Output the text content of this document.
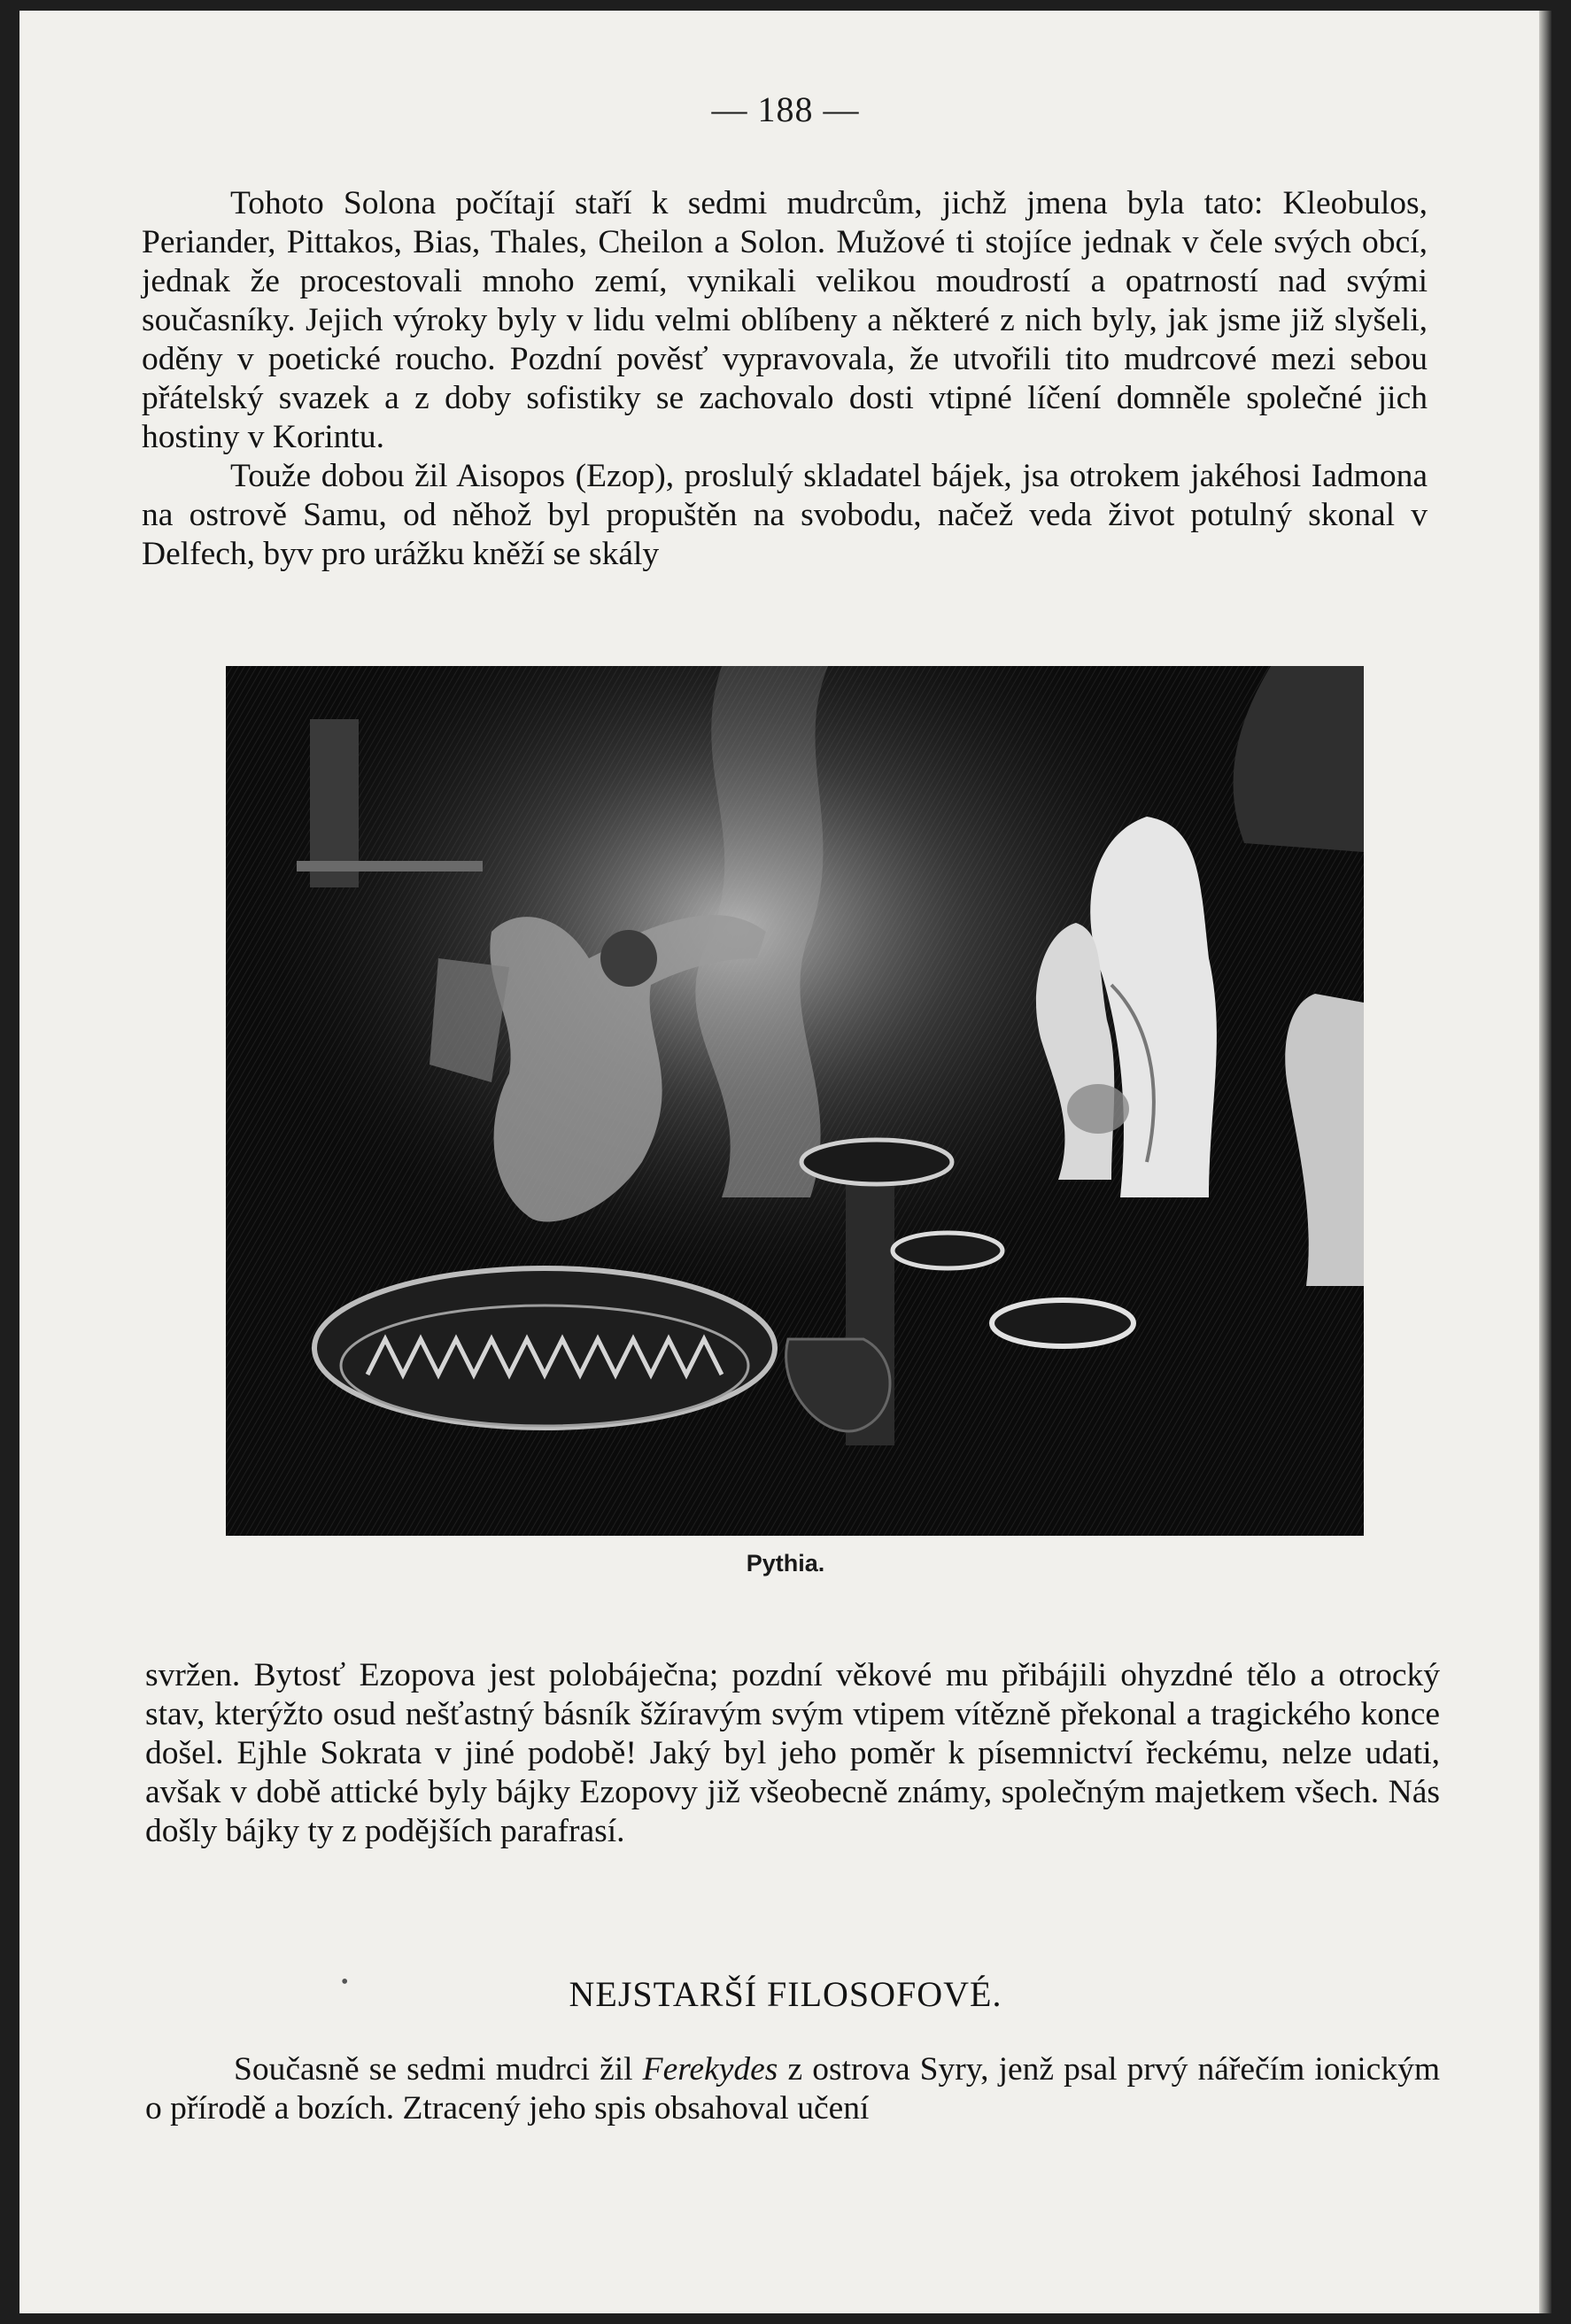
— 188 —

Tohoto Solona počítají staří k sedmi mudrcům, jichž jmena byla tato: Kleobulos, Periander, Pittakos, Bias, Thales, Cheilon a Solon. Mužové ti stojíce jednak v čele svých obcí, jednak že procestovali mnoho zemí, vynikali velikou moudrostí a opatrností nad svými současníky. Jejich výroky byly v lidu velmi oblíbeny a některé z nich byly, jak jsme již slyšeli, oděny v poetické roucho. Pozdní pověsť vypravovala, že utvořili tito mudrcové mezi sebou přátelský svazek a z doby sofistiky se zachovalo dosti vtipné líčení domněle společné jich hostiny v Korintu.

Touže dobou žil Aisopos (Ezop), proslulý skladatel bájek, jsa otrokem jakéhosi Iadmona na ostrově Samu, od něhož byl propuštěn na svobodu, načež veda život potulný skonal v Delfech, byv pro urážku kněží se skály

Pythia.

svržen. Bytosť Ezopova jest polobáječna; pozdní věkové mu přibájili ohyzdné tělo a otrocký stav, kterýžto osud nešťastný básník šžíravým svým vtipem vítězně překonal a tragického konce došel. Ejhle Sokrata v jiné podobě! Jaký byl jeho poměr k písemnictví řeckému, nelze udati, avšak v době attické byly bájky Ezopovy již všeobecně známy, společným majetkem všech. Nás došly bájky ty z podějších parafrasí.

NEJSTARŠÍ FILOSOFOVÉ.

Současně se sedmi mudrci žil Ferekydes z ostrova Syry, jenž psal prvý nářečím ionickým o přírodě a bozích. Ztracený jeho spis obsahoval učení

•
